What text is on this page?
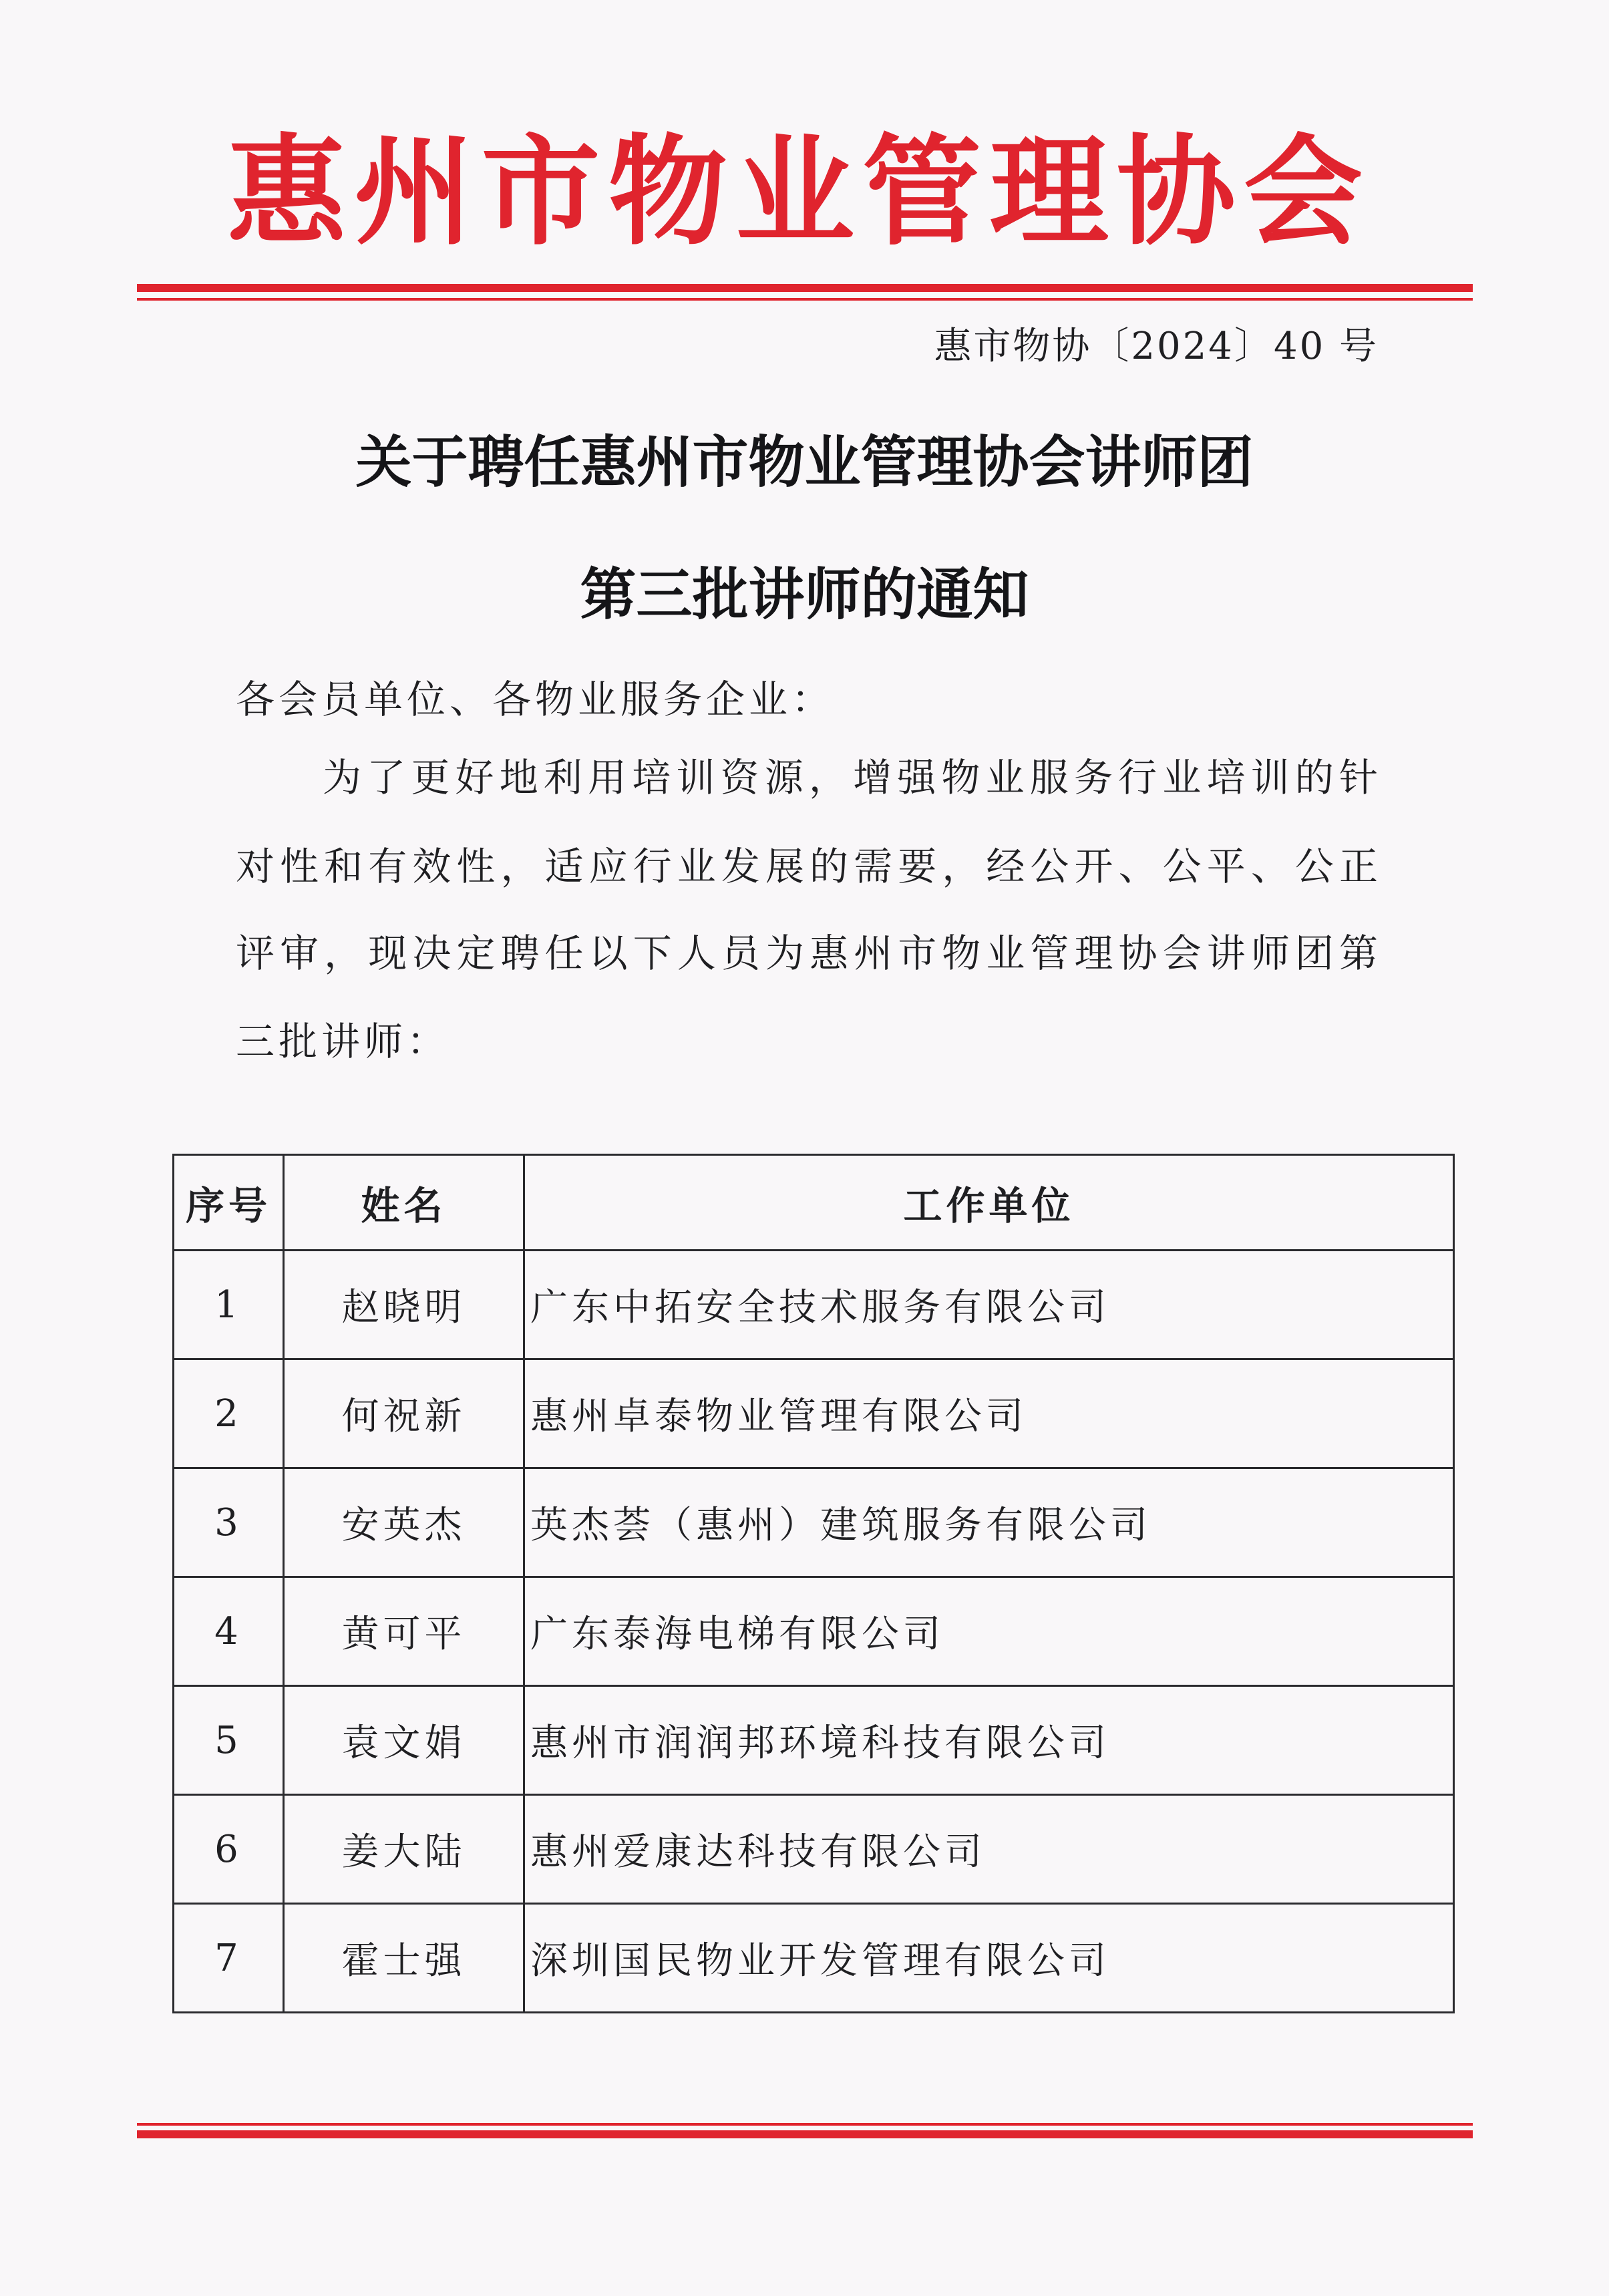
惠 州 市 物 业 管 理 协 会
惠市物协〔2024〕40 号
关于聘任惠州市物业管理协会讲师团
第三批讲师的通知
各会员单位、各物业服务企业：
为了更好地利用培训资源，增强物业服务行业培训的针
对性和有效性，适应行业发展的需要，经公开、公平、公正
评审，现决定聘任以下人员为惠州市物业管理协会讲师团第
三批讲师：
序号	姓名	工作单位
1	赵晓明	广东中拓安全技术服务有限公司
2	何祝新	惠州卓泰物业管理有限公司
3	安英杰	英杰荟（惠州）建筑服务有限公司
4	黄可平	广东泰海电梯有限公司
5	袁文娟	惠州市润润邦环境科技有限公司
6	姜大陆	惠州爱康达科技有限公司
7	霍士强	深圳国民物业开发管理有限公司
